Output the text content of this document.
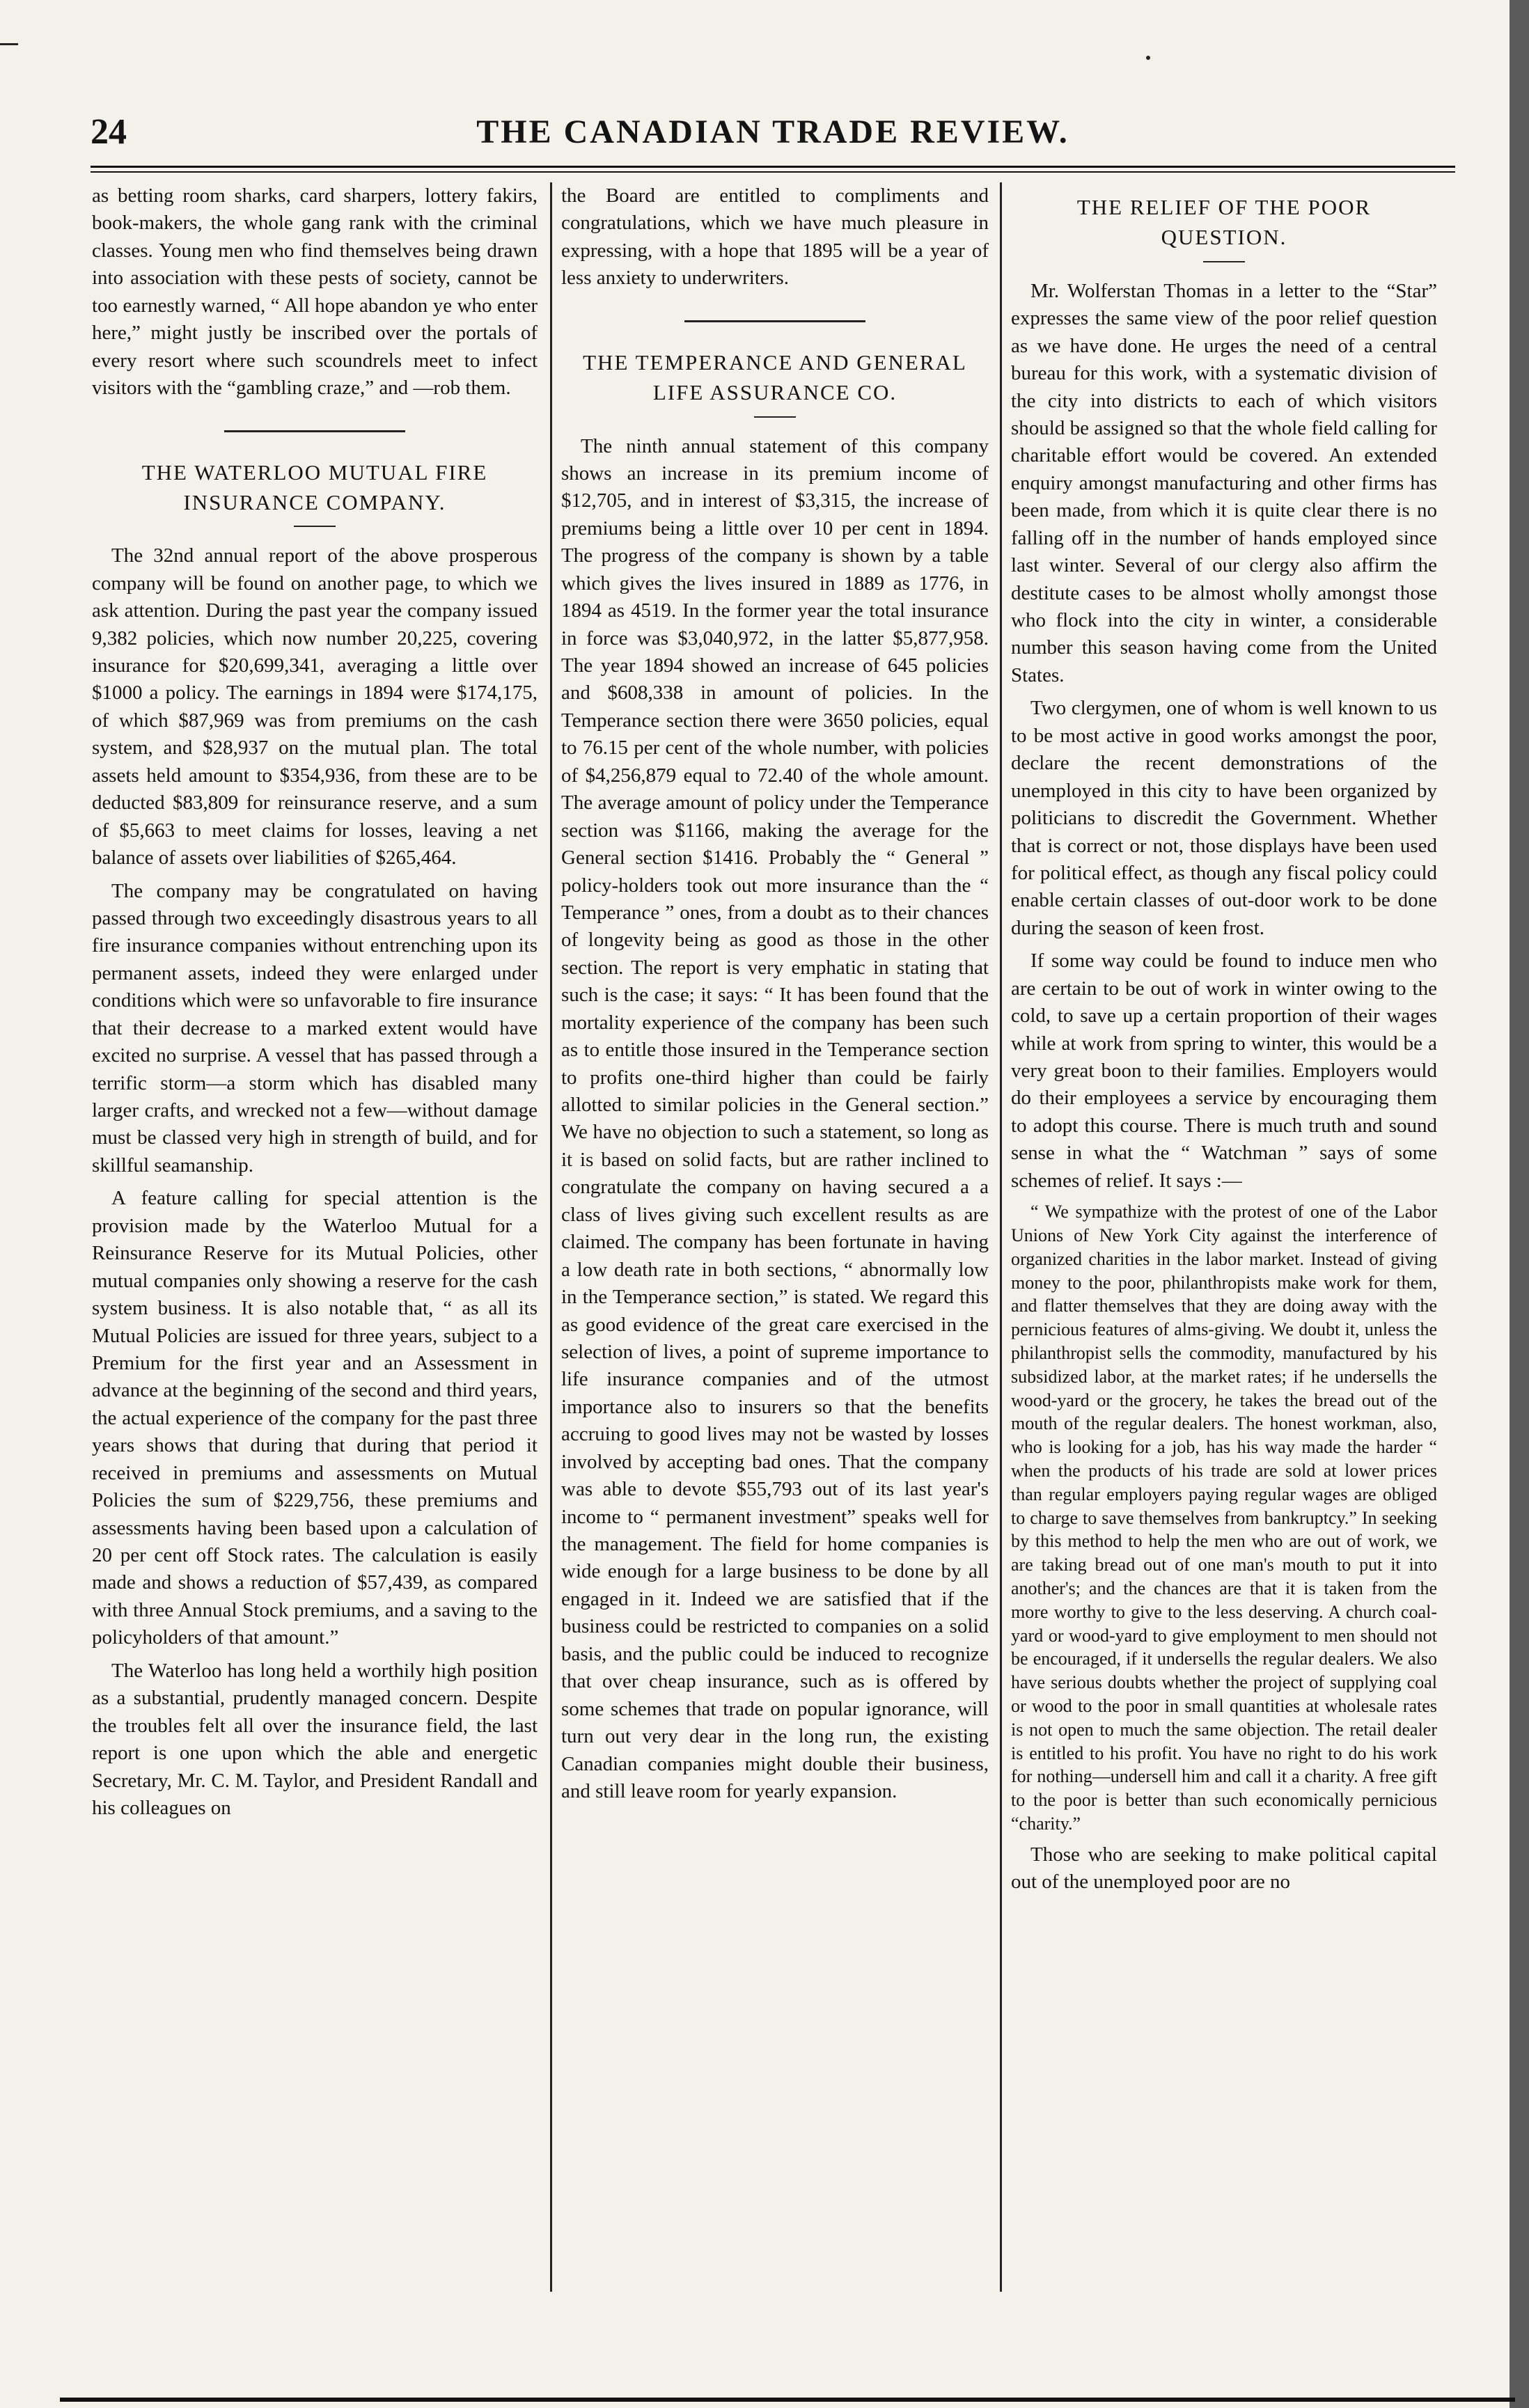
24	THE CANADIAN TRADE REVIEW.

as betting room sharks, card sharpers, lottery fakirs, book-makers, the whole gang rank with the criminal classes. Young men who find themselves being drawn into association with these pests of society, cannot be too earnestly warned, “ All hope abandon ye who enter here,” might justly be inscribed over the portals of every resort where such scoundrels meet to infect visitors with the “gambling craze,” and —rob them.

THE WATERLOO MUTUAL FIRE INSURANCE COMPANY.

The 32nd annual report of the above prosperous company will be found on another page, to which we ask attention. During the past year the company issued 9,382 policies, which now number 20,225, covering insurance for $20,699,341, averaging a little over $1000 a policy. The earnings in 1894 were $174,175, of which $87,969 was from premiums on the cash system, and $28,937 on the mutual plan. The total assets held amount to $354,936, from these are to be deducted $83,809 for reinsurance reserve, and a sum of $5,663 to meet claims for losses, leaving a net balance of assets over liabilities of $265,464.

The company may be congratulated on having passed through two exceedingly disastrous years to all fire insurance companies without entrenching upon its permanent assets, indeed they were enlarged under conditions which were so unfavorable to fire insurance that their decrease to a marked extent would have excited no surprise. A vessel that has passed through a terrific storm—a storm which has disabled many larger crafts, and wrecked not a few—without damage must be classed very high in strength of build, and for skillful seamanship.

A feature calling for special attention is the provision made by the Waterloo Mutual for a Reinsurance Reserve for its Mutual Policies, other mutual companies only showing a reserve for the cash system business. It is also notable that, “ as all its Mutual Policies are issued for three years, subject to a Premium for the first year and an Assessment in advance at the beginning of the second and third years, the actual experience of the company for the past three years shows that during that during that period it received in premiums and assessments on Mutual Policies the sum of $229,756, these premiums and assessments having been based upon a calculation of 20 per cent off Stock rates. The calculation is easily made and shows a reduction of $57,439, as compared with three Annual Stock premiums, and a saving to the policyholders of that amount.”

The Waterloo has long held a worthily high position as a substantial, prudently managed concern. Despite the troubles felt all over the insurance field, the last report is one upon which the able and energetic Secretary, Mr. C. M. Taylor, and President Randall and his colleagues on

the Board are entitled to compliments and congratulations, which we have much pleasure in expressing, with a hope that 1895 will be a year of less anxiety to underwriters.

THE TEMPERANCE AND GENERAL LIFE ASSURANCE CO.

The ninth annual statement of this company shows an increase in its premium income of $12,705, and in interest of $3,315, the increase of premiums being a little over 10 per cent in 1894. The progress of the company is shown by a table which gives the lives insured in 1889 as 1776, in 1894 as 4519. In the former year the total insurance in force was $3,040,972, in the latter $5,877,958. The year 1894 showed an increase of 645 policies and $608,338 in amount of policies. In the Temperance section there were 3650 policies, equal to 76.15 per cent of the whole number, with policies of $4,256,879 equal to 72.40 of the whole amount. The average amount of policy under the Temperance section was $1166, making the average for the General section $1416. Probably the “ General ” policy-holders took out more insurance than the “ Temperance ” ones, from a doubt as to their chances of longevity being as good as those in the other section. The report is very emphatic in stating that such is the case; it says: “ It has been found that the mortality experience of the company has been such as to entitle those insured in the Temperance section to profits one-third higher than could be fairly allotted to similar policies in the General section.” We have no objection to such a statement, so long as it is based on solid facts, but are rather inclined to congratulate the company on having secured a a class of lives giving such excellent results as are claimed. The company has been fortunate in having a low death rate in both sections, “ abnormally low in the Temperance section,” is stated. We regard this as good evidence of the great care exercised in the selection of lives, a point of supreme importance to life insurance companies and of the utmost importance also to insurers so that the benefits accruing to good lives may not be wasted by losses involved by accepting bad ones. That the company was able to devote $55,793 out of its last year's income to “ permanent investment” speaks well for the management. The field for home companies is wide enough for a large business to be done by all engaged in it. Indeed we are satisfied that if the business could be restricted to companies on a solid basis, and the public could be induced to recognize that over cheap insurance, such as is offered by some schemes that trade on popular ignorance, will turn out very dear in the long run, the existing Canadian companies might double their business, and still leave room for yearly expansion.

THE RELIEF OF THE POOR QUESTION.

Mr. Wolferstan Thomas in a letter to the “Star” expresses the same view of the poor relief question as we have done. He urges the need of a central bureau for this work, with a systematic division of the city into districts to each of which visitors should be assigned so that the whole field calling for charitable effort would be covered. An extended enquiry amongst manufacturing and other firms has been made, from which it is quite clear there is no falling off in the number of hands employed since last winter. Several of our clergy also affirm the destitute cases to be almost wholly amongst those who flock into the city in winter, a considerable number this season having come from the United States.

Two clergymen, one of whom is well known to us to be most active in good works amongst the poor, declare the recent demonstrations of the unemployed in this city to have been organized by politicians to discredit the Government. Whether that is correct or not, those displays have been used for political effect, as though any fiscal policy could enable certain classes of out-door work to be done during the season of keen frost.

If some way could be found to induce men who are certain to be out of work in winter owing to the cold, to save up a certain proportion of their wages while at work from spring to winter, this would be a very great boon to their families. Employers would do their employees a service by encouraging them to adopt this course. There is much truth and sound sense in what the “ Watchman ” says of some schemes of relief. It says :—

“ We sympathize with the protest of one of the Labor Unions of New York City against the interference of organized charities in the labor market. Instead of giving money to the poor, philanthropists make work for them, and flatter themselves that they are doing away with the pernicious features of alms-giving. We doubt it, unless the philanthropist sells the commodity, manufactured by his subsidized labor, at the market rates; if he undersells the wood-yard or the grocery, he takes the bread out of the mouth of the regular dealers. The honest workman, also, who is looking for a job, has his way made the harder “ when the products of his trade are sold at lower prices than regular employers paying regular wages are obliged to charge to save themselves from bankruptcy.” In seeking by this method to help the men who are out of work, we are taking bread out of one man's mouth to put it into another's; and the chances are that it is taken from the more worthy to give to the less deserving. A church coal-yard or wood-yard to give employment to men should not be encouraged, if it undersells the regular dealers. We also have serious doubts whether the project of supplying coal or wood to the poor in small quantities at wholesale rates is not open to much the same objection. The retail dealer is entitled to his profit. You have no right to do his work for nothing—undersell him and call it a charity. A free gift to the poor is better than such economically pernicious “charity.”

Those who are seeking to make political capital out of the unemployed poor are no
